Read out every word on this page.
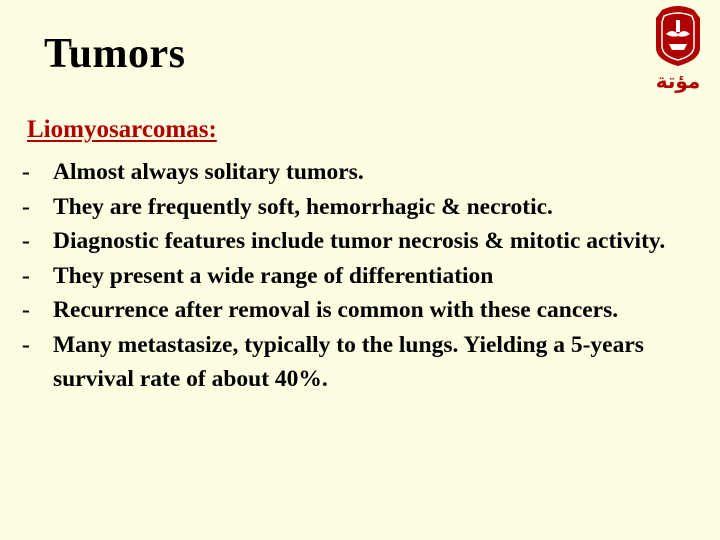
Tumors
مؤتة
Liomyosarcomas:
- Almost always solitary tumors.
- They are frequently soft, hemorrhagic & necrotic.
- Diagnostic features include tumor necrosis & mitotic activity.
- They present a wide range of differentiation
- Recurrence after removal is common with these cancers.
- Many metastasize, typically to the lungs. Yielding a 5-years survival rate of about 40%.
